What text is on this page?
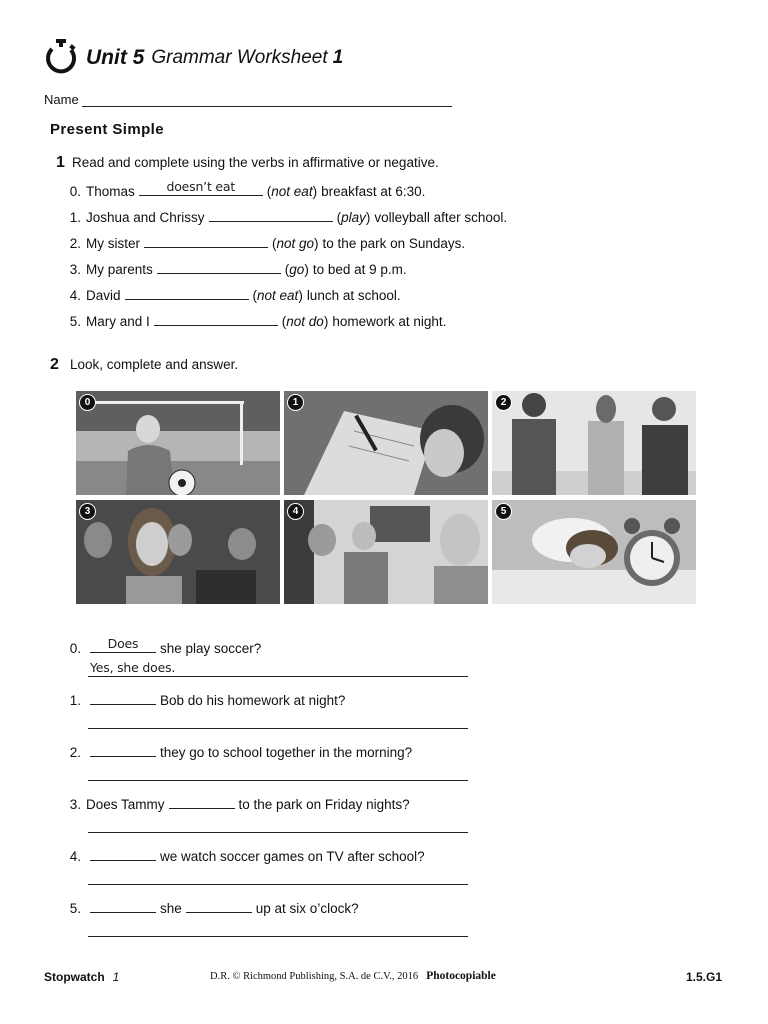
Unit 5 Grammar Worksheet 1
Name
Present Simple
1 Read and complete using the verbs in affirmative or negative.
0. Thomas	doesn’t eat	(not eat) breakfast at 6:30.
1. Joshua and Chrissy	(play) volleyball after school.
2. My sister	(not go) to the park on Sundays.
3. My parents	(go) to bed at 9 p.m.
4. David	(not eat) lunch at school.
5. Mary and I	(not do) homework at night.
2 Look, complete and answer.
0	1	2
3	4	5
0.	Does	she play soccer?
Yes, she does.
1.	Bob do his homework at night?
2.	they go to school together in the morning?
3. Does Tammy	to the park on Friday nights?
4.	we watch soccer games on TV after school?
5.	she	up at six o’clock?
Stopwatch 1	D.R. © Richmond Publishing, S.A. de C.V., 2016 Photocopiable	1.5.G1
